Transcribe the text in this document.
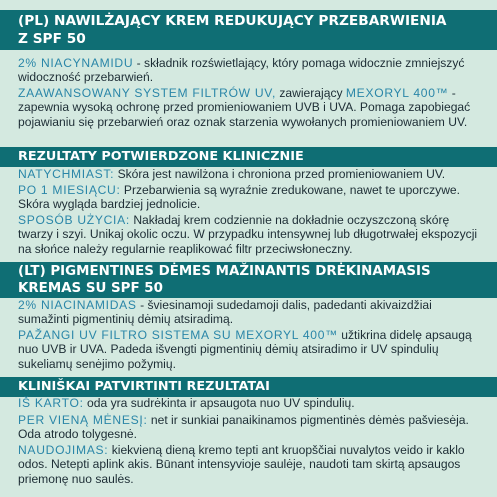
(PL) NAWILŻAJĄCY KREM REDUKUJĄCY PRZEBARWIENIA
Z SPF 50
2% NIACYNAMIDU - składnik rozświetlający, który pomaga widocznie zmniejszyć widoczność przebarwień.
ZAAWANSOWANY SYSTEM FILTRÓW UV, zawierający MEXORYL 400™ - zapewnia wysoką ochronę przed promieniowaniem UVB i UVA. Pomaga zapobiegać pojawianiu się przebarwień oraz oznak starzenia wywołanych promieniowaniem UV.
REZULTATY POTWIERDZONE KLINICZNIE
NATYCHMIAST: Skóra jest nawilżona i chroniona przed promieniowaniem UV.
PO 1 MIESIĄCU: Przebarwienia są wyraźnie zredukowane, nawet te uporczywe. Skóra wygląda bardziej jednolicie.
SPOSÓB UŻYCIA: Nakładaj krem codziennie na dokładnie oczyszczoną skórę twarzy i szyi. Unikaj okolic oczu. W przypadku intensywnej lub długotrwałej ekspozycji na słońce należy regularnie reaplikować filtr przeciwsłoneczny.
(LT) PIGMENTINES DĖMES MAŽINANTIS DRĖKINAMASIS
KREMAS SU SPF 50
2% NIACINAMIDAS - šviesinamoji sudedamoji dalis, padedanti akivaizdžiai sumažinti pigmentinių dėmių atsiradimą.
PAŽANGI UV FILTRO SISTEMA SU MEXORYL 400™ užtikrina didelę apsaugą nuo UVB ir UVA. Padeda išvengti pigmentinių dėmių atsiradimo ir UV spindulių sukeliamų senėjimo požymių.
KLINIŠKAI PATVIRTINTI REZULTATAI
IŠ KARTO: oda yra sudrėkinta ir apsaugota nuo UV spindulių.
PER VIENĄ MĖNESĮ: net ir sunkiai panaikinamos pigmentinės dėmės pašviesėja. Oda atrodo tolygesnė.
NAUDOJIMAS: kiekvieną dieną kremo tepti ant kruopščiai nuvalytos veido ir kaklo odos. Netepti aplink akis. Būnant intensyvioje saulėje, naudoti tam skirtą apsaugos priemonę nuo saulės.
